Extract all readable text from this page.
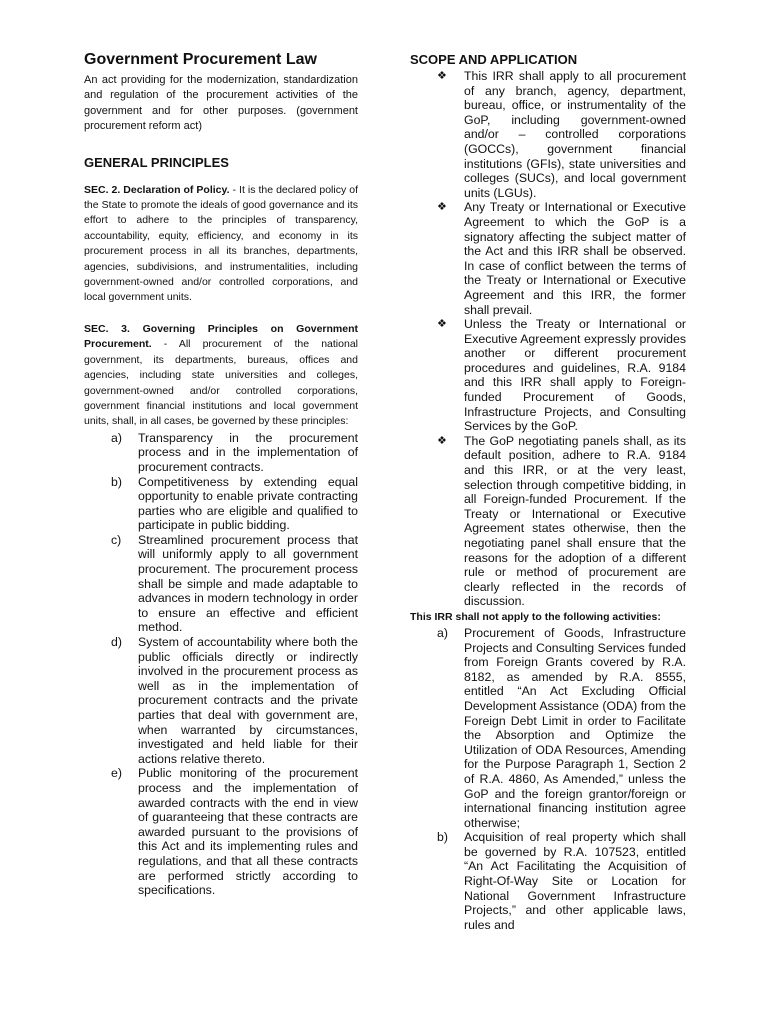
Government Procurement Law

An act providing for the modernization, standardization and regulation of the procurement activities of the government and for other purposes. (government procurement reform act)

GENERAL PRINCIPLES

SEC. 2. Declaration of Policy. - It is the declared policy of the State to promote the ideals of good governance and its effort to adhere to the principles of transparency, accountability, equity, efficiency, and economy in its procurement process in all its branches, departments, agencies, subdivisions, and instrumentalities, including government-owned and/or controlled corporations, and local government units.

SEC. 3. Governing Principles on Government Procurement. - All procurement of the national government, its departments, bureaus, offices and agencies, including state universities and colleges, government-owned and/or controlled corporations, government financial institutions and local government units, shall, in all cases, be governed by these principles:

a) Transparency in the procurement process and in the implementation of procurement contracts.
b) Competitiveness by extending equal opportunity to enable private contracting parties who are eligible and qualified to participate in public bidding.
c) Streamlined procurement process that will uniformly apply to all government procurement. The procurement process shall be simple and made adaptable to advances in modern technology in order to ensure an effective and efficient method.
d) System of accountability where both the public officials directly or indirectly involved in the procurement process as well as in the implementation of procurement contracts and the private parties that deal with government are, when warranted by circumstances, investigated and held liable for their actions relative thereto.
e) Public monitoring of the procurement process and the implementation of awarded contracts with the end in view of guaranteeing that these contracts are awarded pursuant to the provisions of this Act and its implementing rules and regulations, and that all these contracts are performed strictly according to specifications.
SCOPE AND APPLICATION
❖ This IRR shall apply to all procurement of any branch, agency, department, bureau, office, or instrumentality of the GoP, including government-owned and/or – controlled corporations (GOCCs), government financial institutions (GFIs), state universities and colleges (SUCs), and local government units (LGUs).
❖ Any Treaty or International or Executive Agreement to which the GoP is a signatory affecting the subject matter of the Act and this IRR shall be observed. In case of conflict between the terms of the Treaty or International or Executive Agreement and this IRR, the former shall prevail.
❖ Unless the Treaty or International or Executive Agreement expressly provides another or different procurement procedures and guidelines, R.A. 9184 and this IRR shall apply to Foreign-funded Procurement of Goods, Infrastructure Projects, and Consulting Services by the GoP.
❖ The GoP negotiating panels shall, as its default position, adhere to R.A. 9184 and this IRR, or at the very least, selection through competitive bidding, in all Foreign-funded Procurement. If the Treaty or International or Executive Agreement states otherwise, then the negotiating panel shall ensure that the reasons for the adoption of a different rule or method of procurement are clearly reflected in the records of discussion.

This IRR shall not apply to the following activities:

a) Procurement of Goods, Infrastructure Projects and Consulting Services funded from Foreign Grants covered by R.A. 8182, as amended by R.A. 8555, entitled “An Act Excluding Official Development Assistance (ODA) from the Foreign Debt Limit in order to Facilitate the Absorption and Optimize the Utilization of ODA Resources, Amending for the Purpose Paragraph 1, Section 2 of R.A. 4860, As Amended,” unless the GoP and the foreign grantor/foreign or international financing institution agree otherwise;
b) Acquisition of real property which shall be governed by R.A. 107523, entitled “An Act Facilitating the Acquisition of Right-Of-Way Site or Location for National Government Infrastructure Projects,” and other applicable laws, rules and
